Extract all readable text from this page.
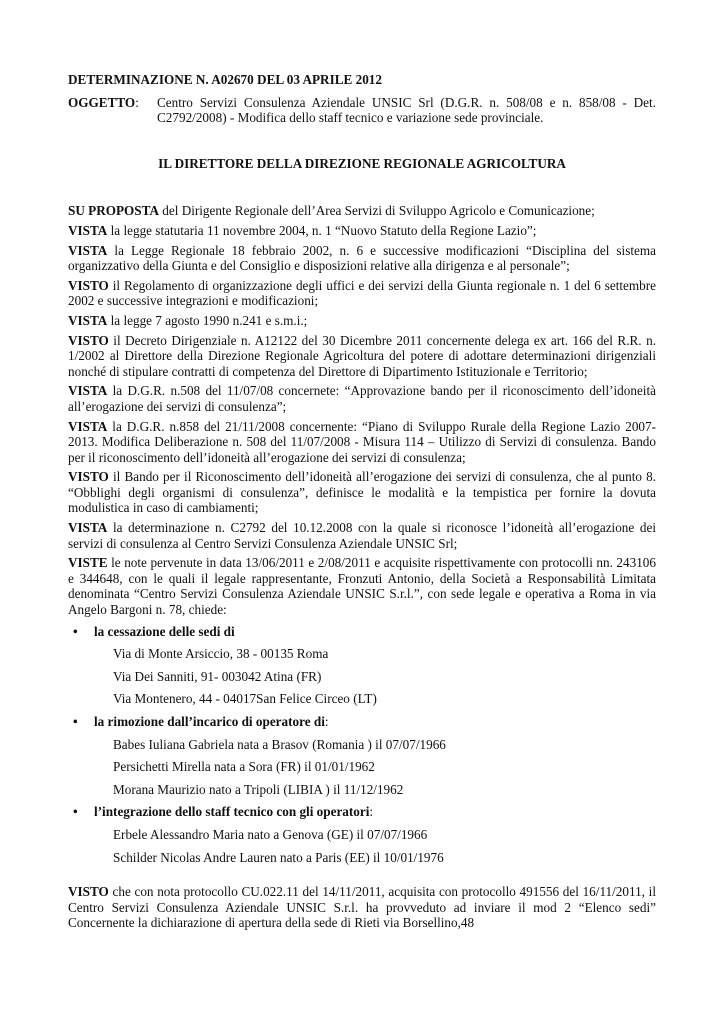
DETERMINAZIONE N. A02670 DEL 03 APRILE 2012
OGGETTO:	Centro Servizi Consulenza Aziendale UNSIC Srl (D.G.R. n. 508/08 e n. 858/08 - Det. C2792/2008) - Modifica dello staff tecnico e variazione sede provinciale.
IL DIRETTORE DELLA DIREZIONE REGIONALE AGRICOLTURA

SU PROPOSTA del Dirigente Regionale dell’Area Servizi di Sviluppo Agricolo e Comunicazione;

VISTA la legge statutaria 11 novembre 2004, n. 1 “Nuovo Statuto della Regione Lazio”;

VISTA la Legge Regionale 18 febbraio 2002, n. 6 e successive modificazioni “Disciplina del sistema organizzativo della Giunta e del Consiglio e disposizioni relative alla dirigenza e al personale”;

VISTO il Regolamento di organizzazione degli uffici e dei servizi della Giunta regionale n. 1 del 6 settembre 2002 e successive integrazioni e modificazioni;

VISTA la legge 7 agosto 1990 n.241 e s.m.i.;

VISTO il Decreto Dirigenziale n. A12122 del 30 Dicembre 2011 concernente delega ex art. 166 del R.R. n. 1/2002 al Direttore della Direzione Regionale Agricoltura del potere di adottare determinazioni dirigenziali nonché di stipulare contratti di competenza del Direttore di Dipartimento Istituzionale e Territorio;

VISTA la D.G.R. n.508 del 11/07/08 concernete: “Approvazione bando per il riconoscimento dell’idoneità all’erogazione dei servizi di consulenza”;

VISTA la D.G.R. n.858 del 21/11/2008 concernente: “Piano di Sviluppo Rurale della Regione Lazio 2007-2013. Modifica Deliberazione n. 508 del 11/07/2008 - Misura 114 – Utilizzo di Servizi di consulenza. Bando per il riconoscimento dell’idoneità all’erogazione dei servizi di consulenza;

VISTO il Bando per il Riconoscimento dell’idoneità all’erogazione dei servizi di consulenza, che al punto 8. “Obblighi degli organismi di consulenza”, definisce le modalità e la tempistica per fornire la dovuta modulistica in caso di cambiamenti;

VISTA la determinazione n. C2792 del 10.12.2008 con la quale si riconosce l’idoneità all’erogazione dei servizi di consulenza al Centro Servizi Consulenza Aziendale UNSIC Srl;

VISTE le note pervenute in data 13/06/2011 e 2/08/2011 e acquisite rispettivamente con protocolli nn. 243106 e 344648, con le quali il legale rappresentante, Fronzuti Antonio, della Società a Responsabilità Limitata denominata “Centro Servizi Consulenza Aziendale UNSIC S.r.l.”, con sede legale e operativa a Roma in via Angelo Bargoni n. 78, chiede:

• la cessazione delle sedi di
Via di Monte Arsiccio, 38 - 00135 Roma
Via Dei Sanniti, 91- 003042 Atina (FR)
Via Montenero, 44 - 04017San Felice Circeo (LT)
• la rimozione dall’incarico di operatore di:
Babes Iuliana Gabriela nata a Brasov (Romania ) il 07/07/1966
Persichetti Mirella nata a Sora (FR) il 01/01/1962
Morana Maurizio nato a Tripoli (LIBIA ) il 11/12/1962
• l’integrazione dello staff tecnico con gli operatori:
Erbele Alessandro Maria nato a Genova (GE) il 07/07/1966
Schilder Nicolas Andre Lauren nato a Paris (EE) il 10/01/1976

VISTO che con nota protocollo CU.022.11 del 14/11/2011, acquisita con protocollo 491556 del 16/11/2011, il Centro Servizi Consulenza Aziendale UNSIC S.r.l. ha provveduto ad inviare il mod 2 “Elenco sedi” Concernente la dichiarazione di apertura della sede di Rieti via Borsellino,48
